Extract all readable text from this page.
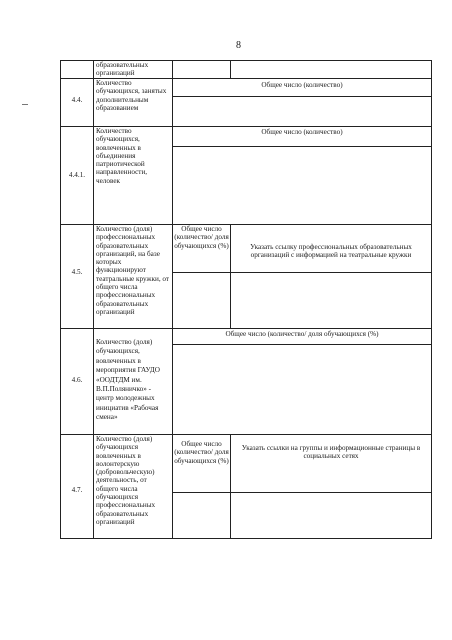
8
образовательных организаций
4.4.
Количество обучающихся, занятых дополнительным образованием
Общее число (количество)
4.4.1.
Количество обучающихся, вовлеченных в объединения патриотической направленности, человек
Общее число (количество)
4.5.
Количество (доля) профессиональных образовательных организаций, на базе которых функционируют театральные кружки, от общего числа профессиональных образовательных организаций
Общее число (количество/ доля обучающихся (%)	Указать ссылку профессиональных образовательных организаций с информацией на театральные кружки
4.6.
Количество (доля) обучающихся, вовлеченных в мероприятия ГАУДО «ООДТДМ им. В.П.Поляничко» - центр молодежных инициатив «Рабочая смена»
Общее число (количество/ доля обучающихся (%)
4.7.
Количество (доля) обучающихся вовлеченных в волонтерскую (добровольческую) деятельность, от общего числа обучающихся профессиональных образовательных организаций
Общее число (количество/ доля обучающихся (%)
Указать ссылки на группы и информационные страницы в социальных сетях
